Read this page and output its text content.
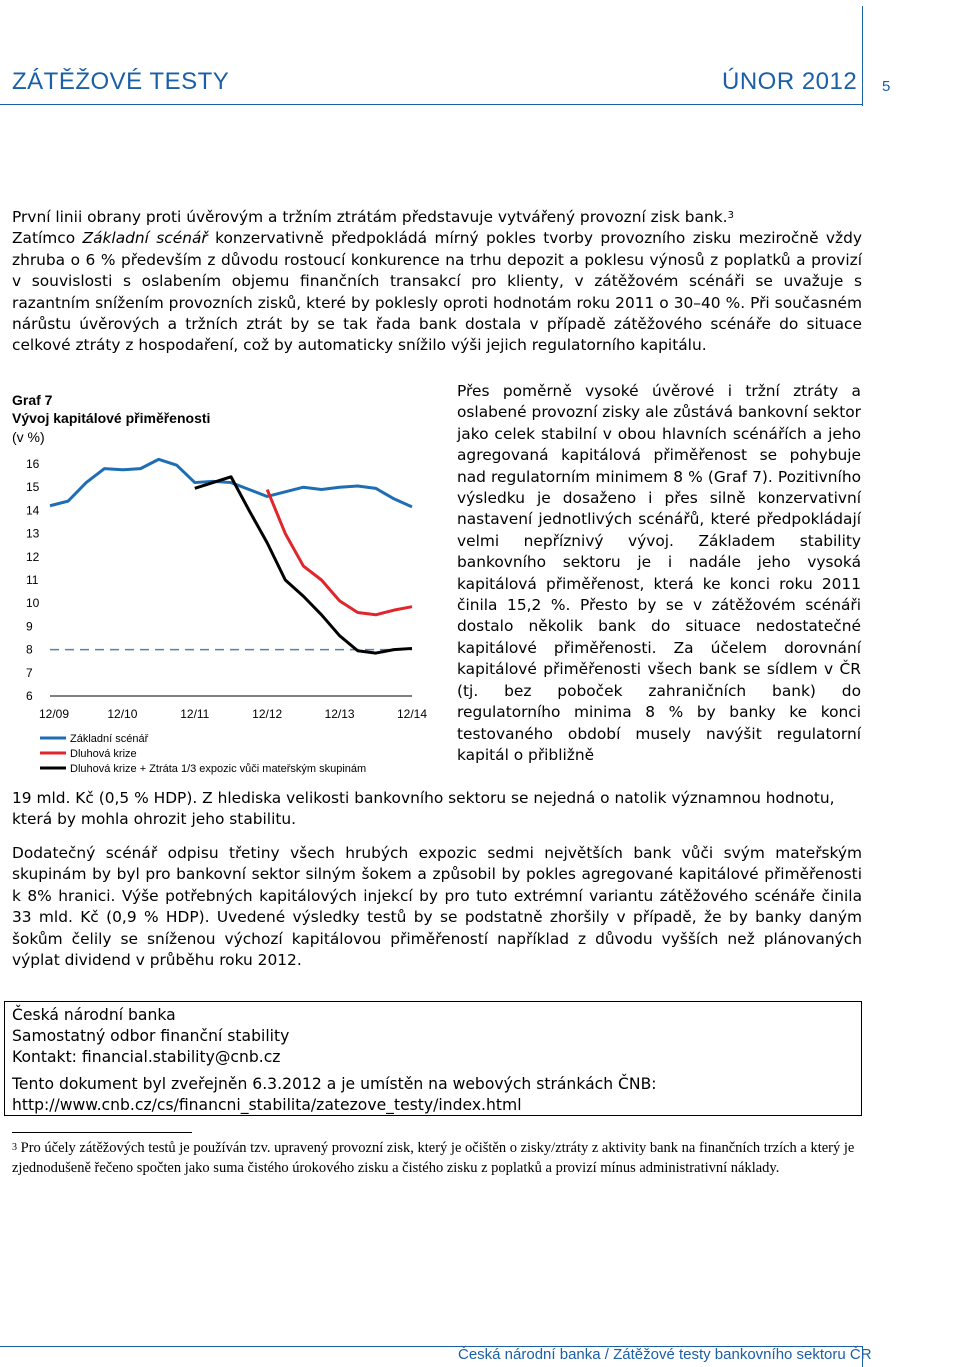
ZÁTĚŽOVÉ TESTY	ÚNOR 2012 5
První linii obrany proti úvěrovým a tržním ztrátám představuje vytvářený provozní zisk bank.$^3$
Zatímco Základní scénář konzervativně předpokládá mírný pokles tvorby provozního zisku meziročně vždy zhruba o 6 % především z důvodu rostoucí konkurence na trhu depozit a poklesu výnosů z poplatků a provizí v souvislosti s oslabením objemu finančních transakcí pro klienty, v zátěžovém scénáři se uvažuje s razantním snížením provozních zisků, které by poklesly oproti hodnotám roku 2011 o 30–40 %. Při současném nárůstu úvěrových a tržních ztrát by se tak řada bank dostala v případě zátěžového scénáře do situace celkové ztráty z hospodaření, což by automaticky snížilo výši jejich regulatorního kapitálu.
Graf 7
Vývoj kapitálové přiměřenosti
(v %)
16
15
14
13
12
11
10
9
8
7
6
12/09	12/10	12/11	12/12	12/13	12/14
Základní scénář
Dluhová krize
Dluhová krize + Ztráta 1/3 expozic vůči mateřským skupinám
Přes poměrně vysoké úvěrové i tržní ztráty a oslabené provozní zisky ale zůstává bankovní sektor jako celek stabilní v obou hlavních scénářích a jeho agregovaná kapitálová přiměřenost se pohybuje nad regulatorním minimem 8 % (Graf 7). Pozitivního výsledku je dosaženo i přes silně konzervativní nastavení jednotlivých scénářů, které předpokládají velmi nepříznivý vývoj. Základem stability bankovního sektoru je i nadále jeho vysoká kapitálová přiměřenost, která ke konci roku 2011 činila 15,2 %. Přesto by se v zátěžovém scénáři dostalo několik bank do situace nedostatečné kapitálové přiměřenosti. Za účelem dorovnání kapitálové přiměřenosti všech bank se sídlem v ČR (tj. bez poboček zahraničních bank) do regulatorního minima 8 % by banky ke konci testovaného období musely navýšit regulatorní kapitál o přibližně
19 mld. Kč (0,5 % HDP). Z hlediska velikosti bankovního sektoru se nejedná o natolik významnou hodnotu, která by mohla ohrozit jeho stabilitu.
Dodatečný scénář odpisu třetiny všech hrubých expozic sedmi největších bank vůči svým mateřským skupinám by byl pro bankovní sektor silným šokem a způsobil by pokles agregované kapitálové přiměřenosti k 8% hranici. Výše potřebných kapitálových injekcí by pro tuto extrémní variantu zátěžového scénáře činila 33 mld. Kč (0,9 % HDP). Uvedené výsledky testů by se podstatně zhoršily v případě, že by banky daným šokům čelily se sníženou výchozí kapitálovou přiměřeností například z důvodu vyšších než plánovaných výplat dividend v průběhu roku 2012.
Česká národní banka
Samostatný odbor finanční stability
Kontakt: financial.stability@cnb.cz
Tento dokument byl zveřejněn 6.3.2012 a je umístěn na webových stránkách ČNB:
http://www.cnb.cz/cs/financni_stabilita/zatezove_testy/index.html
$^3$ Pro účely zátěžových testů je používán tzv. upravený provozní zisk, který je očištěn o zisky/ztráty z aktivity bank na finančních trzích a který je zjednodušeně řečeno spočten jako suma čistého úrokového zisku a čistého zisku z poplatků a provizí mínus administrativní náklady.
Česká národní banka / Zátěžové testy bankovního sektoru ČR
